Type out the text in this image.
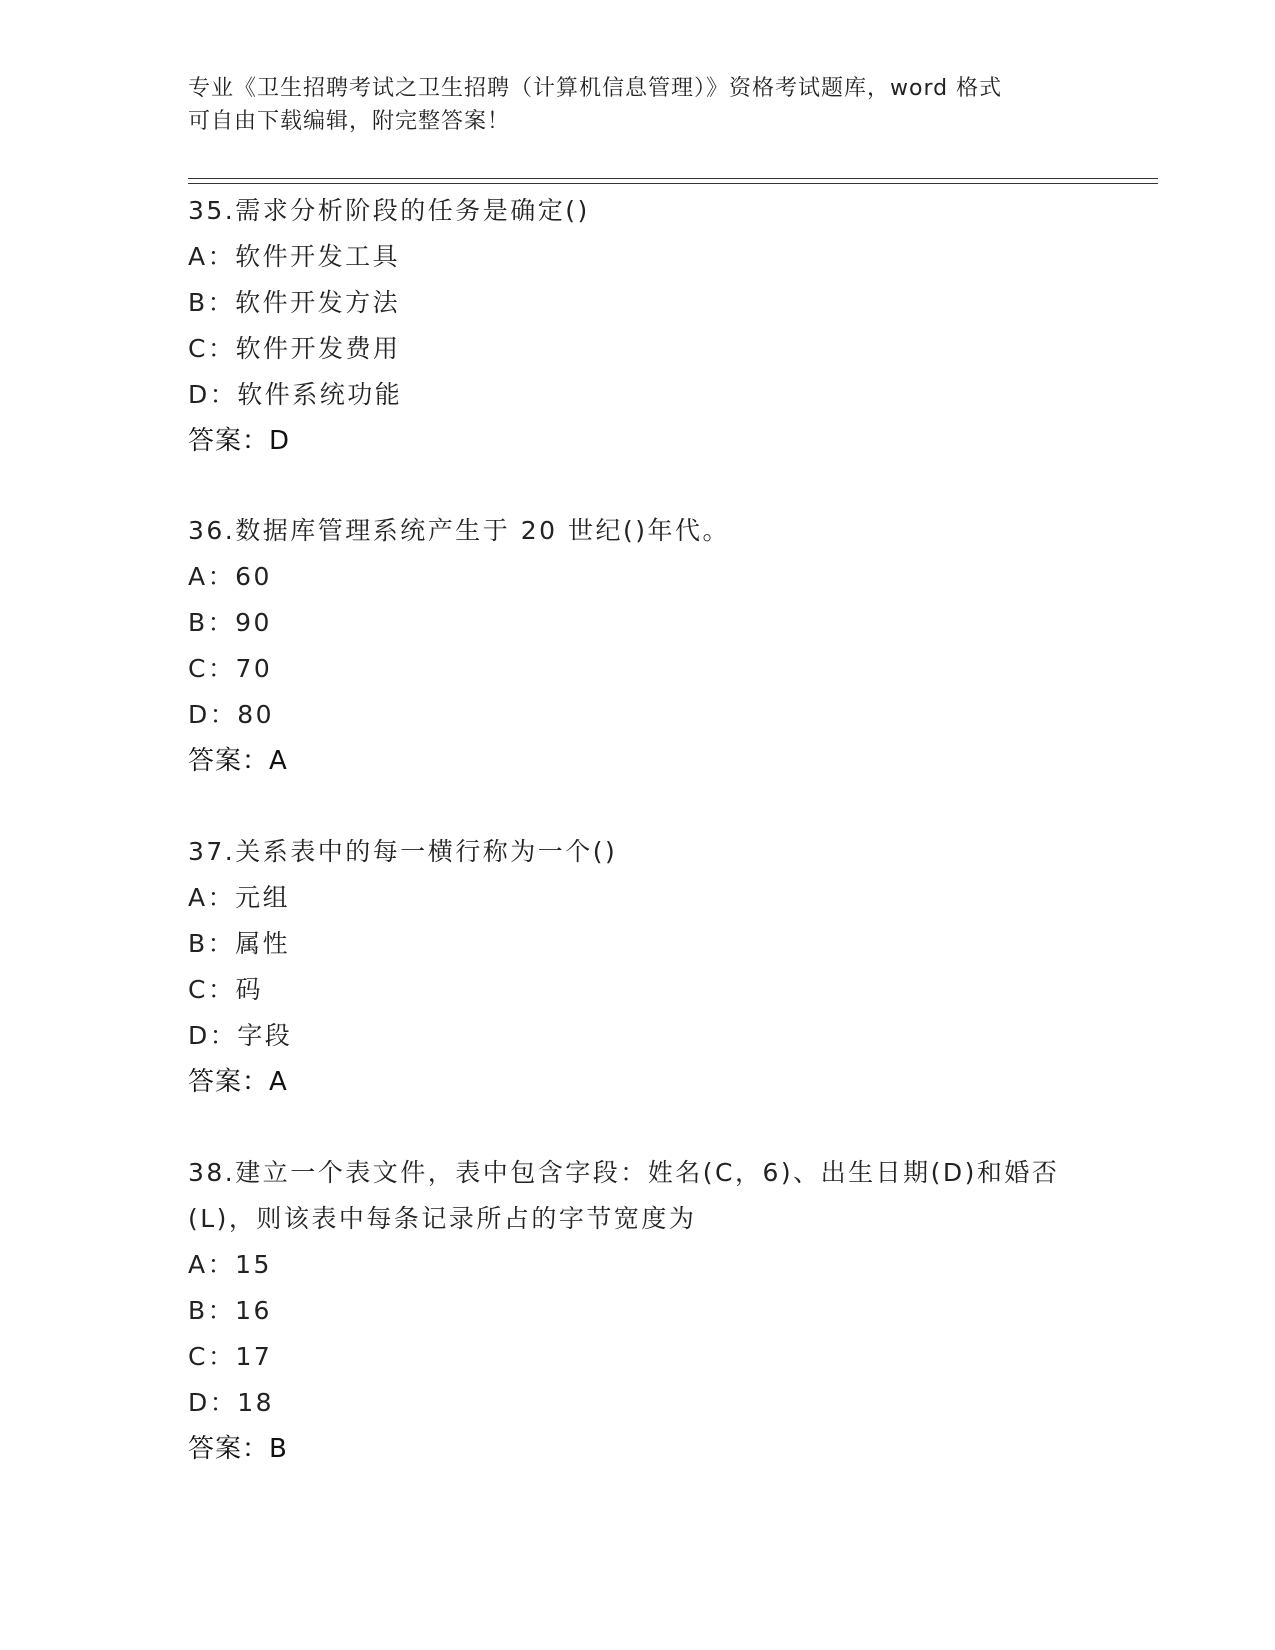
专业《卫生招聘考试之卫生招聘（计算机信息管理）》资格考试题库，word 格式
可自由下载编辑，附完整答案！
35.需求分析阶段的任务是确定()
A：软件开发工具
B：软件开发方法
C：软件开发费用
D：软件系统功能
答案：D
36.数据库管理系统产生于 20 世纪()年代。
A：60
B：90
C：70
D：80
答案：A
37.关系表中的每一横行称为一个()
A：元组
B：属性
C：码
D：字段
答案：A
38.建立一个表文件，表中包含字段：姓名(C，6)、出生日期(D)和婚否(L)，则该表中每条记录所占的字节宽度为
A：15
B：16
C：17
D：18
答案：B
